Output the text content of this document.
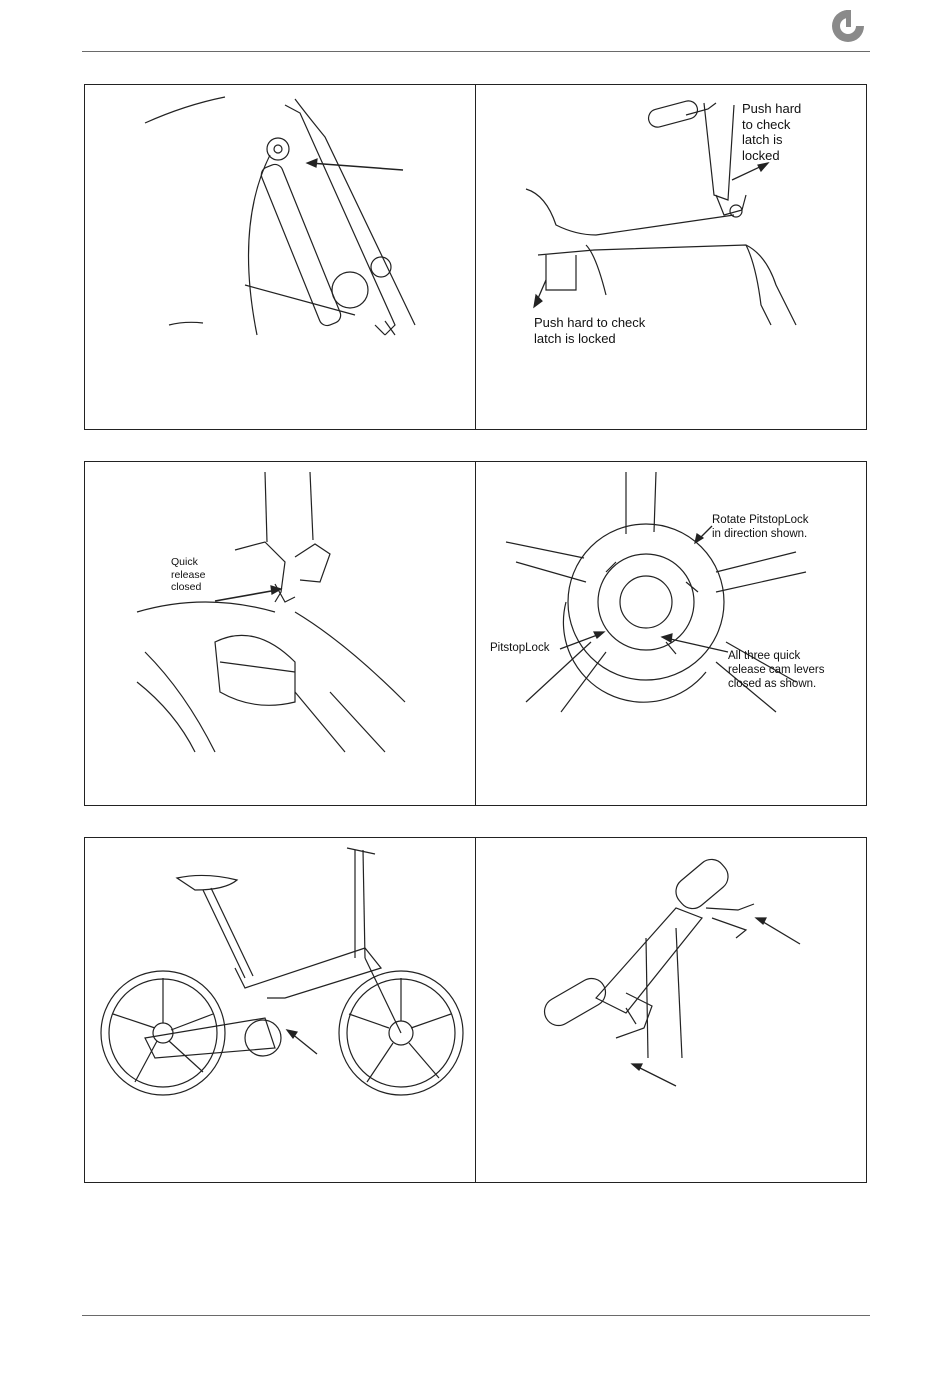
Push hard
to check
latch is
locked
Push hard to check
latch is locked
Quick
release
closed
Rotate PitstopLock
in direction shown.
PitstopLock
All three quick
release cam levers
closed as shown.
